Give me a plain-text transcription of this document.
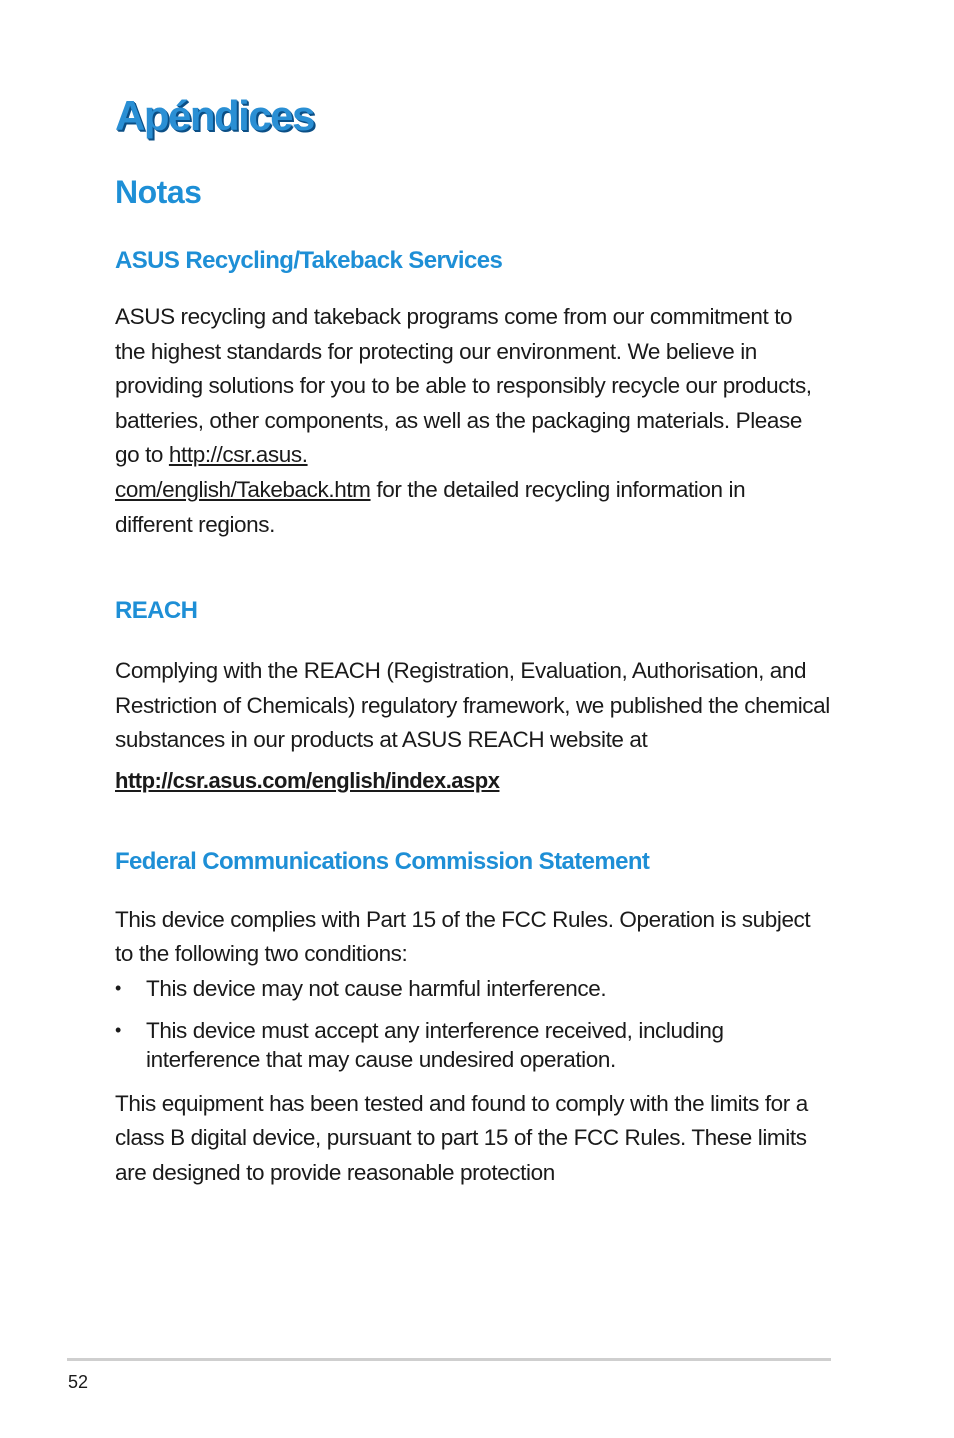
Apéndices
Notas
ASUS Recycling/Takeback Services

ASUS recycling and takeback programs come from our commitment to the highest standards for protecting our environment. We believe in providing solutions for you to be able to responsibly recycle our products, batteries, other components, as well as the packaging materials. Please go to http://csr.asus.
com/english/Takeback.htm for the detailed recycling information in different regions.

REACH

Complying with the REACH (Registration, Evaluation, Authorisation, and Restriction of Chemicals) regulatory framework, we published the chemical substances in our products at ASUS REACH website at

http://csr.asus.com/english/index.aspx

Federal Communications Commission Statement

This device complies with Part 15 of the FCC Rules. Operation is subject to the following two conditions:

• This device may not cause harmful interference.
• This device must accept any interference received, including interference that may cause undesired operation.

This equipment has been tested and found to comply with the limits for a class B digital device, pursuant to part 15 of the FCC Rules. These limits are designed to provide reasonable protection

52
